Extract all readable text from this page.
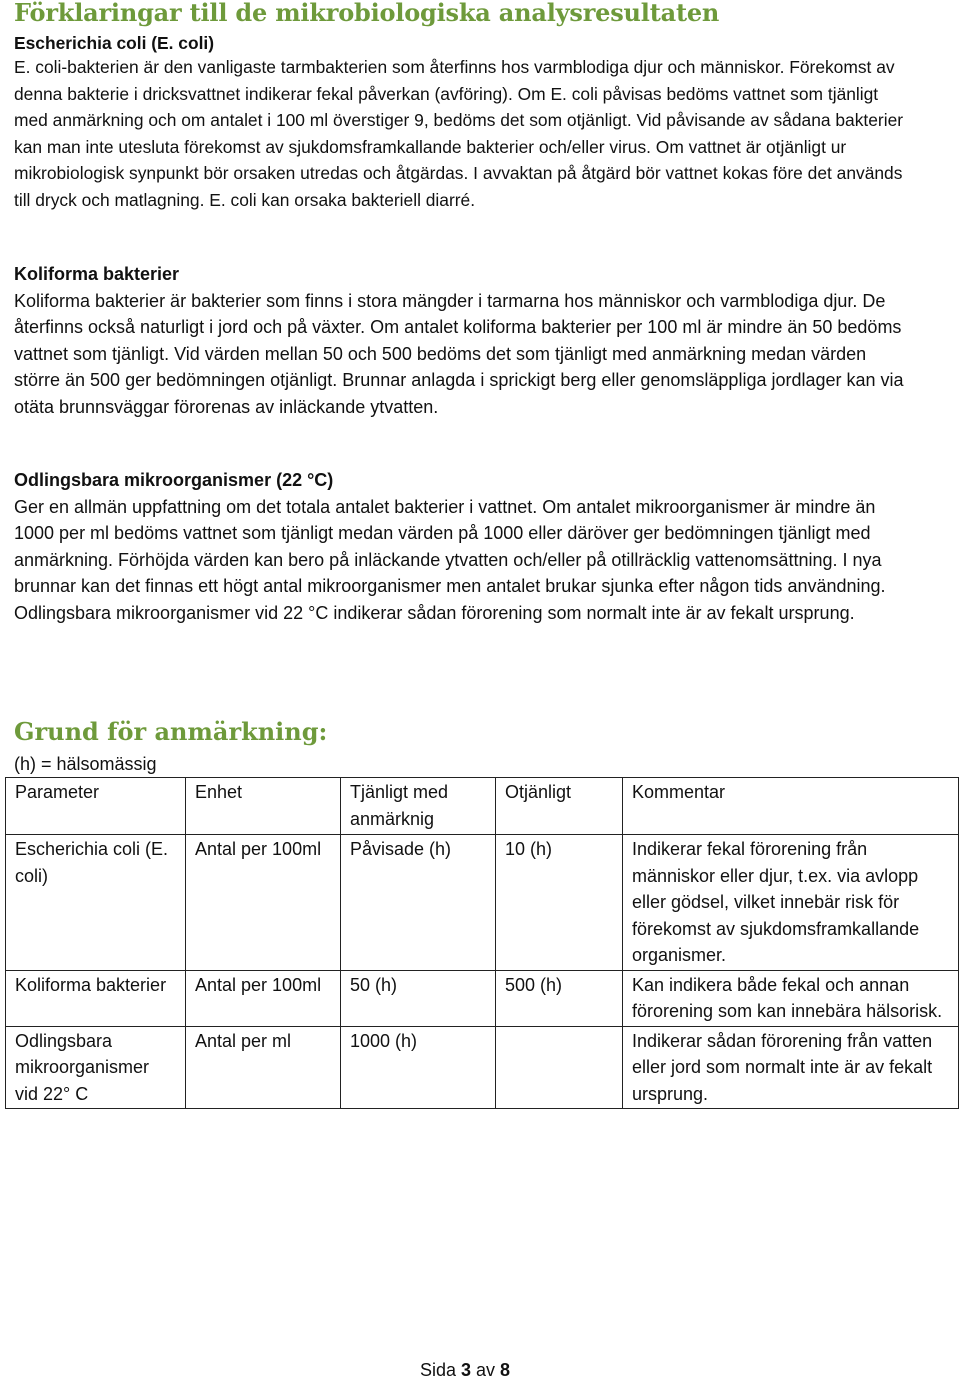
Förklaringar till de mikrobiologiska analysresultaten

Escherichia coli (E. coli)

E. coli-bakterien är den vanligaste tarmbakterien som återfinns hos varmblodiga djur och människor. Förekomst av denna bakterie i dricksvattnet indikerar fekal påverkan (avföring). Om E. coli påvisas bedöms vattnet som tjänligt med anmärkning och om antalet i 100 ml överstiger 9, bedöms det som otjänligt. Vid påvisande av sådana bakterier kan man inte utesluta förekomst av sjukdomsframkallande bakterier och/eller virus. Om vattnet är otjänligt ur mikrobiologisk synpunkt bör orsaken utredas och åtgärdas. I avvaktan på åtgärd bör vattnet kokas före det används till dryck och matlagning. E. coli kan orsaka bakteriell diarré.

Koliforma bakterier

Koliforma bakterier är bakterier som finns i stora mängder i tarmarna hos människor och varmblodiga djur. De återfinns också naturligt i jord och på växter. Om antalet koliforma bakterier per 100 ml är mindre än 50 bedöms vattnet som tjänligt. Vid värden mellan 50 och 500 bedöms det som tjänligt med anmärkning medan värden större än 500 ger bedömningen otjänligt. Brunnar anlagda i sprickigt berg eller genomsläppliga jordlager kan via otäta brunnsväggar förorenas av inläckande ytvatten.

Odlingsbara mikroorganismer (22 °C)

Ger en allmän uppfattning om det totala antalet bakterier i vattnet. Om antalet mikroorganismer är mindre än 1000 per ml bedöms vattnet som tjänligt medan värden på 1000 eller däröver ger bedömningen tjänligt med anmärkning. Förhöjda värden kan bero på inläckande ytvatten och/eller på otillräcklig vattenomsättning. I nya brunnar kan det finnas ett högt antal mikroorganismer men antalet brukar sjunka efter någon tids användning. Odlingsbara mikroorganismer vid 22 °C indikerar sådan förorening som normalt inte är av fekalt ursprung.

Grund för anmärkning:

(h) = hälsomässig

Parameter	Enhet	Tjänligt med anmärknig	Otjänligt	Kommentar
Escherichia coli (E. coli)	Antal per 100ml	Påvisade (h)	10 (h)	Indikerar fekal förorening från människor eller djur, t.ex. via avlopp eller gödsel, vilket innebär risk för förekomst av sjukdomsframkallande organismer.
Koliforma bakterier	Antal per 100ml	50 (h)	500 (h)	Kan indikera både fekal och annan förorening som kan innebära hälsorisk.
Odlingsbara mikroorganismer vid 22° C	Antal per ml	1000 (h)		Indikerar sådan förorening från vatten eller jord som normalt inte är av fekalt ursprung.
Sida 3 av 8
